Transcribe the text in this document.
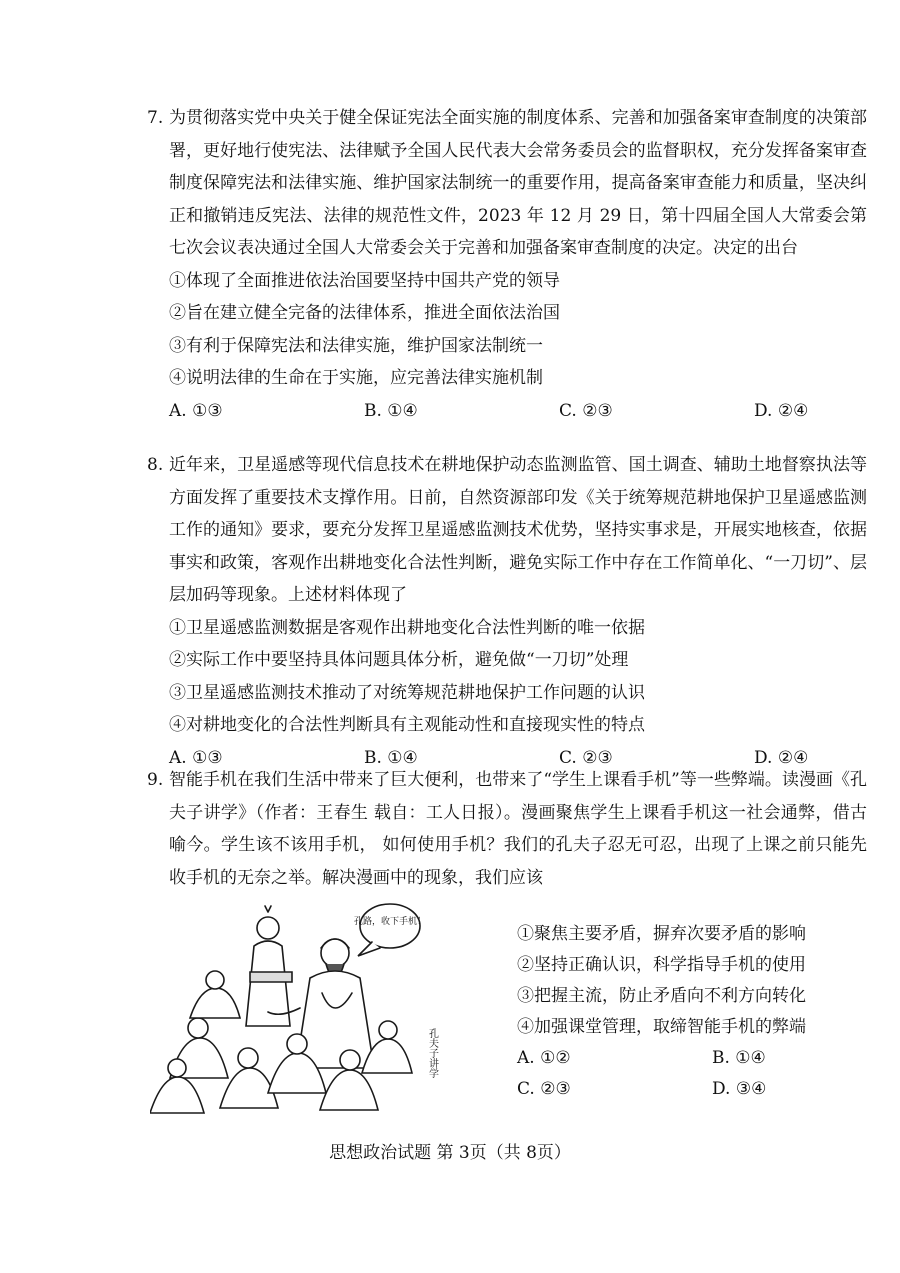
7. 为贯彻落实党中央关于健全保证宪法全面实施的制度体系、完善和加强备案审查制度的决策部署，更好地行使宪法、法律赋予全国人民代表大会常务委员会的监督职权，充分发挥备案审查制度保障宪法和法律实施、维护国家法制统一的重要作用，提高备案审查能力和质量，坚决纠正和撤销违反宪法、法律的规范性文件，2023 年 12 月 29 日，第十四届全国人大常委会第七次会议表决通过全国人大常委会关于完善和加强备案审查制度的决定。决定的出台

①体现了全面推进依法治国要坚持中国共产党的领导

②旨在建立健全完备的法律体系，推进全面依法治国

③有利于保障宪法和法律实施，维护国家法制统一

④说明法律的生命在于实施，应完善法律实施机制

A. ①③	B. ①④	C. ②③	D. ②④

8. 近年来，卫星遥感等现代信息技术在耕地保护动态监测监管、国土调查、辅助土地督察执法等方面发挥了重要技术支撑作用。日前，自然资源部印发《关于统筹规范耕地保护卫星遥感监测工作的通知》要求，要充分发挥卫星遥感监测技术优势，坚持实事求是，开展实地核查，依据事实和政策，客观作出耕地变化合法性判断，避免实际工作中存在工作简单化、“一刀切”、层层加码等现象。上述材料体现了

①卫星遥感监测数据是客观作出耕地变化合法性判断的唯一依据

②实际工作中要坚持具体问题具体分析，避免做“一刀切”处理

③卫星遥感监测技术推动了对统筹规范耕地保护工作问题的认识

④对耕地变化的合法性判断具有主观能动性和直接现实性的特点

A. ①③	B. ①④	C. ②③	D. ②④

9. 智能手机在我们生活中带来了巨大便利，也带来了“学生上课看手机”等一些弊端。读漫画《孔夫子讲学》（作者：王春生 载自：工人日报）。漫画聚焦学生上课看手机这一社会通弊，借古喻今。学生该不该用手机， 如何使用手机？我们的孔夫子忍无可忍，出现了上课之前只能先收手机的无奈之举。解决漫画中的现象，我们应该

孔路，收下手机！
孔夫子讲学

①聚焦主要矛盾，摒弃次要矛盾的影响

②坚持正确认识，科学指导手机的使用

③把握主流，防止矛盾向不利方向转化

④加强课堂管理，取缔智能手机的弊端

A. ①②	B. ①④
C. ②③	D. ③④
思想政治试题 第 3页（共 8页）
